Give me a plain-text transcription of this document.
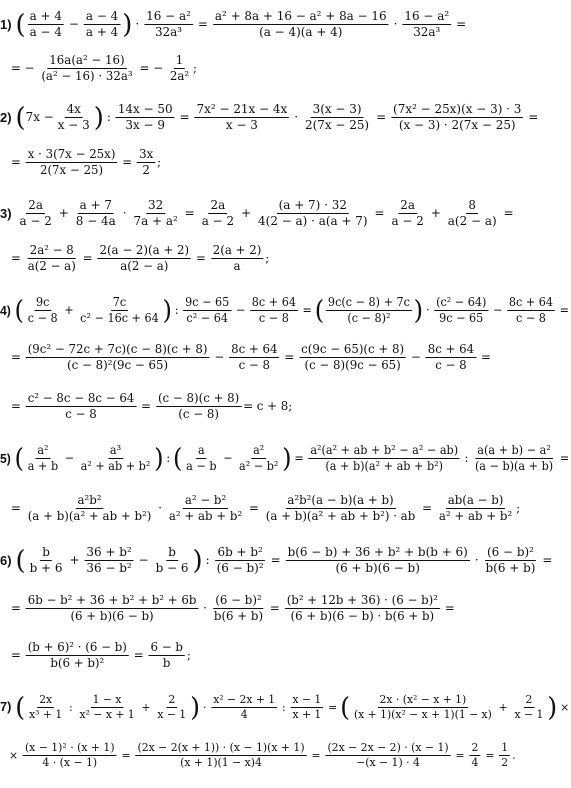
1) ( $\frac{a + 4}{a - 4} - \frac{a - 4}{a + 4}$ ) · $\frac{\text{16 − a²}}{\text{32a³}} = \frac{\text{a² + 8a + 16 − a² + 8a − 16}}{(a - 4)(a + 4)} \cdot \frac{\text{16 − a²}}{\text{32a³}}$ =
= − $\frac{\text{16a(a² − 16)}}{\text{(a² − 16) · 32a³}}$ = − $\frac{1}{\text{2a²}}$ ;
2) ( $7x - \frac{4x}{x - 3}$ ) : $\frac{14x - 50}{3x - 9} = \frac{\text{7x² − 21x − 4x}}{x - 3} \cdot \frac{3(x - 3)}{2(7x - 25)} = \frac{\text{(7x² − 25x)(x − 3) · 3}}{(x - 3) \cdot 2(7x - 25)}$ =
= $\frac{x \cdot 3(7x - 25x)}{2(7x - 25)} = \frac{3x}{2}$ ;
$3) \frac{2a}{a - 2} + \frac{a + 7}{8 - 4a} \cdot \frac{32}{\text{7a + a²}} = \frac{2a}{a - 2} + \frac{(a + 7) \cdot 32}{4(2 - a) \cdot a(a + 7)} = \frac{2a}{a - 2} + \frac{8}{a(2 - a)}$ =
= $\frac{\text{2a² − 8}}{a(2 - a)} = \frac{2(a - 2)(a + 2)}{a(2 - a)} = \frac{2(a + 2)}{a}$ ;
4) ( $\frac{9c}{c - 8} + \frac{7c}{\text{c² − 16c + 64}}$ ) : $\frac{9c - 65}{\text{c² − 64}} - \frac{8c + 64}{c - 8}$ = ( $\frac{9c(c - 8) + 7c}{\text{(c − 8)²}}$ ) · $\frac{\text{(c² − 64)}}{9c - 65} - \frac{8c + 64}{c - 8}$ =
= $\frac{\text{(9c² − 72c + 7c)(c − 8)(c + 8)}}{\text{(c − 8)²(9c − 65)}} - \frac{8c + 64}{c - 8} = \frac{c(9c - 65)(c + 8)}{(c - 8)(9c - 65)} - \frac{8c + 64}{c - 8}$ =
= $\frac{\text{c² − 8c − 8c − 64}}{c - 8} = \frac{(c - 8)(c + 8)}{(c - 8)} = c + 8$;
5) ( $\frac{\text{a²}}{a + b} - \frac{\text{a³}}{\text{a² + ab + b²}}$ ) : ( $\frac{a}{a - b} - \frac{\text{a²}}{\text{a² − b²}}$ ) = $\frac{\text{a²(a² + ab + b² − a² − ab)}}{\text{(a + b)(a² + ab + b²)}}$ : $\frac{\text{a(a + b) − a²}}{(a - b)(a + b)}$ =
= $\frac{\text{a²b²}}{\text{(a + b)(a² + ab + b²)}} \cdot \frac{\text{a² − b²}}{\text{a² + ab + b²}} = \frac{\text{a²b²(a − b)(a + b)}}{\text{(a + b)(a² + ab + b²) · ab}} = \frac{ab(a - b)}{\text{a² + ab + b²}}$ ;
6) ( $\frac{b}{b + 6} + \frac{\text{36 + b²}}{\text{36 − b²}} - \frac{b}{b - 6}$ ) : $\frac{\text{6b + b²}}{\text{(6 − b)²}} = \frac{\text{b(6 − b) + 36 + b² + b(b + 6)}}{(6 + b)(6 - b)} \cdot \frac{\text{(6 − b)²}}{b(6 + b)}$ =
= $\frac{\text{6b − b² + 36 + b² + b² + 6b}}{(6 + b)(6 - b)} \cdot \frac{\text{(6 − b)²}}{b(6 + b)} = \frac{\text{(b² + 12b + 36) · (6 − b)²}}{(6 + b)(6 - b) \cdot b(6 + b)}$ =
= $\frac{\text{(b + 6)² · (6 − b)}}{\text{b(6 + b)²}} = \frac{6 - b}{b}$ ;
7) ( $\frac{2x}{\text{x³ + 1}}$ : $\frac{1 - x}{\text{x² − x + 1}} + \frac{2}{x - 1}$ ) · $\frac{\text{x² − 2x + 1}}{4}$ : $\frac{x - 1}{x + 1}$ = ( $\frac{\text{2x · (x² − x + 1)}}{\text{(x + 1)(x² − x + 1)(1 − x)}} + \frac{2}{x - 1}$ ) ×
× $\frac{\text{(x − 1)² · (x + 1)}}{4 \cdot (x - 1)} = \frac{(2x - 2(x + 1)) \cdot (x - 1)(x + 1)}{(x + 1)(1 - x)4} = \frac{(2x - 2x - 2) \cdot (x - 1)}{-(x - 1) \cdot 4} = \frac{2}{4} = \frac{1}{2}$ .
